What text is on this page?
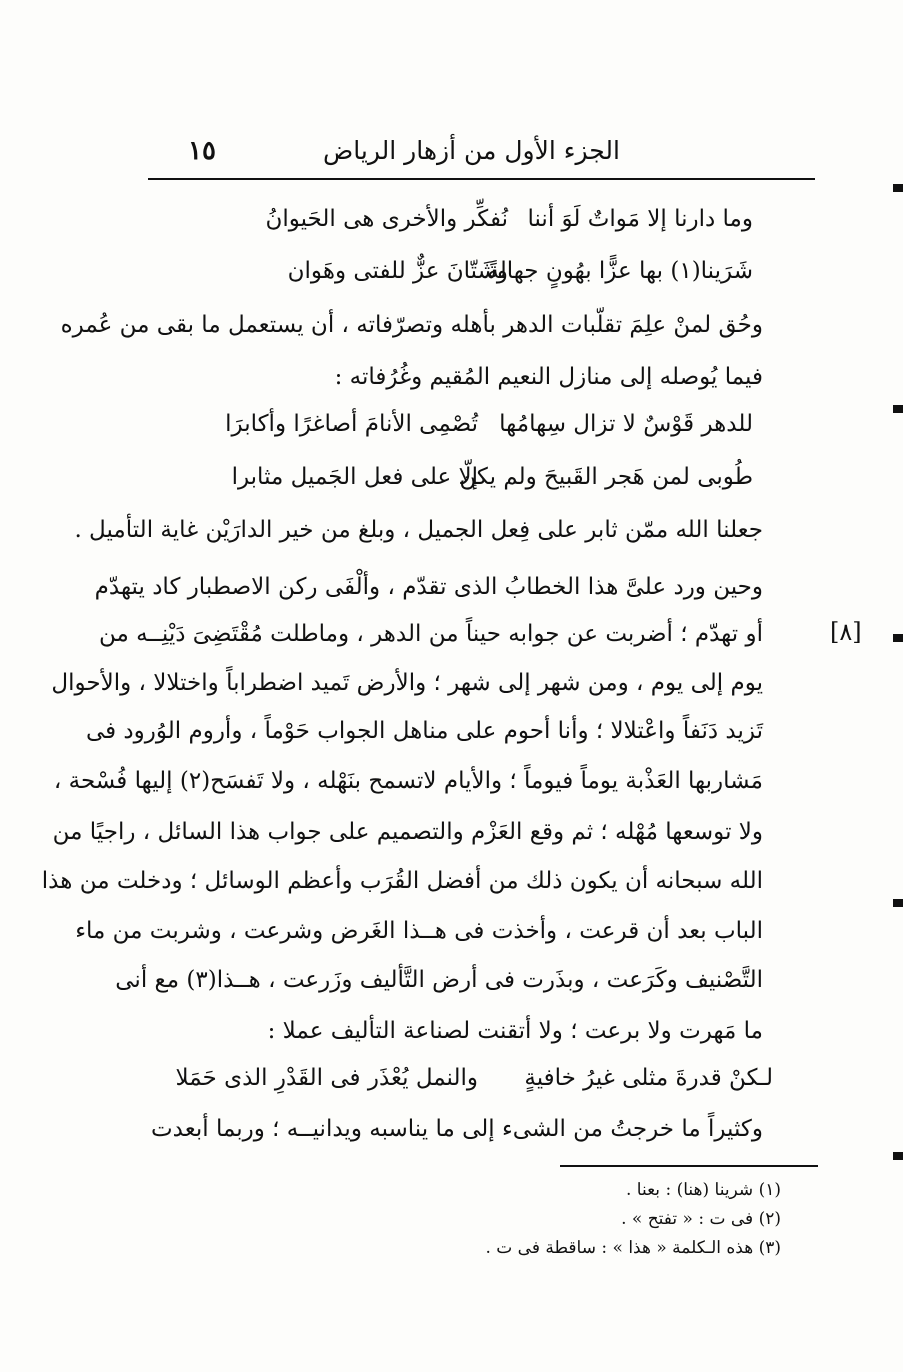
الجزء الأول من أزهار الرياض
١٥
وما دارنا إلا مَواتٌ لَوَ أننا
نُفكِّر والأخرى هى الحَيوانُ
شَرَينا(١) بها عزًّا بهُونٍ جهالةً
وشَتّانَ عزٌّ للفتى وهَوان
وحُق لمنْ علِمَ تقلّبات الدهر بأهله وتصرّفاته ، أن يستعمل ما بقى من عُمره
فيما يُوصله إلى منازل النعيم المُقيم وغُرُفاته :
للدهر قَوْسٌ لا تزال سِهامُها
تُصْمِى الأنامَ أصاغرًا وأكابرَا
طُوبى لمن هَجر القَبيحَ ولم يكن
إلّا على فعل الجَميل مثابرا
جعلنا الله ممّن ثابر على فِعل الجميل ، وبلغ من خير الدارَيْن غاية التأميل .
وحين ورد علىَّ هذا الخطابُ الذى تقدّم ، وألْفَى ركن الاصطبار كاد يتهدّم
أو تهدّم ؛ أضربت عن جوابه حيناً من الدهر ، وماطلت مُقْتَضِىَ دَيْنِــه من
يوم إلى يوم ، ومن شهر إلى شهر ؛ والأرض تَميد اضطراباً واختلالا ، والأحوال
تَزيد دَنَفاً واعْتلالا ؛ وأنا أحوم على مناهل الجواب حَوْماً ، وأروم الوُرود فى
مَشاربها العَذْبة يوماً فيوماً ؛ والأيام لاتسمح بنَهْله ، ولا تَفسَح(٢) إليها فُسْحة ،
ولا توسعها مُهْله ؛ ثم وقع العَزْم والتصميم على جواب هذا السائل ، راجيًا من
الله سبحانه أن يكون ذلك من أفضل القُرَب وأعظم الوسائل ؛ ودخلت من هذا
الباب بعد أن قرعت ، وأخذت فى هــذا الغَرض وشرعت ، وشربت من ماء
التَّصْنيف وكَرَعت ، وبذَرت فى أرض التَّأليف وزَرعت ، هــذا(٣) مع أنى
ما مَهرت ولا برعت ؛ ولا أتقنت لصناعة التأليف عملا :
لـكنْ قدرةَ مثلى غيرُ خافيةٍ
والنمل يُعْذَر فى القَدْرِ الذى حَمَلا
وكثيراً ما خرجتُ من الشىء إلى ما يناسبه ويدانيــه ؛ وربما أبعدت
[٨]
(١) شرينا (هنا) : بعنا .
(٢) فى ت : « تفتح » .
(٣) هذه الـكلمة « هذا » : ساقطة فى ت .
